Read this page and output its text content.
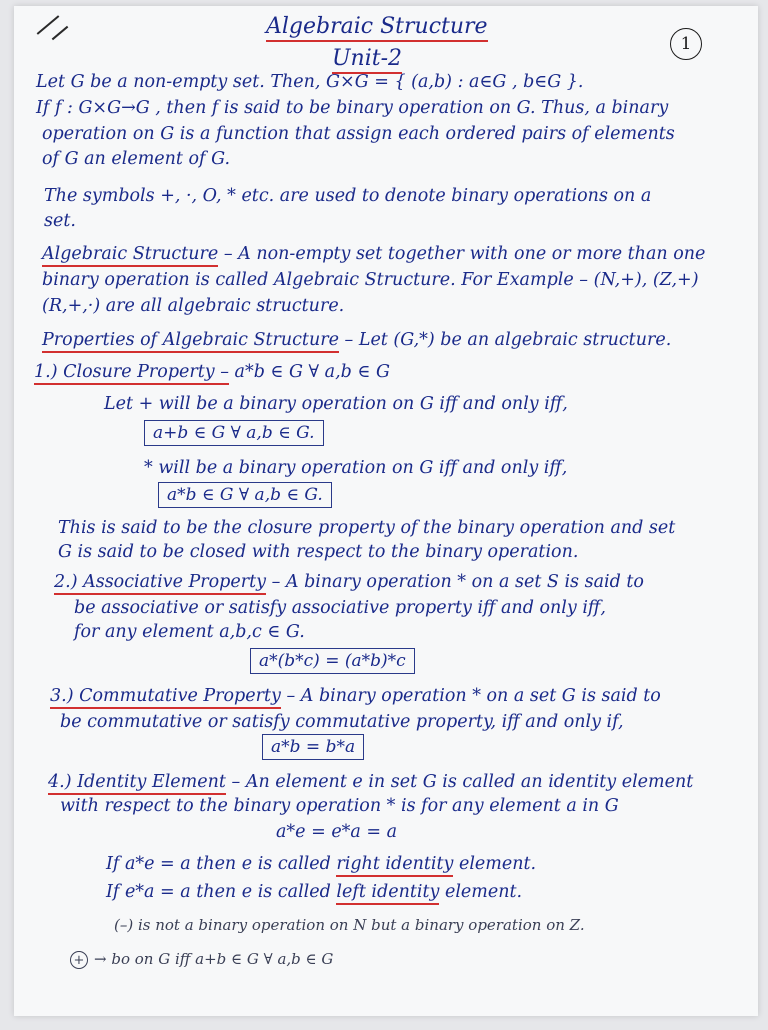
Algebraic Structure
Unit-2
1
Let G be a non-empty set. Then, G×G = { (a,b) : a∈G , b∈G }.
If f : G×G→G , then f is said to be binary operation on G. Thus, a binary
operation on G is a function that assign each ordered pairs of elements
of G an element of G.
The symbols +, ·, O, * etc. are used to denote binary operations on a
set.
Algebraic Structure – A non-empty set together with one or more than one
binary operation is called Algebraic Structure. For Example – (N,+), (Z,+)
(R,+,·) are all algebraic structure.
Properties of Algebraic Structure – Let (G,*) be an algebraic structure.
1.) Closure Property – a*b ∈ G ∀ a,b ∈ G
Let + will be a binary operation on G iff and only iff,
a+b ∈ G ∀ a,b ∈ G.
* will be a binary operation on G iff and only iff,
a*b ∈ G ∀ a,b ∈ G.
This is said to be the closure property of the binary operation and set
G is said to be closed with respect to the binary operation.
2.) Associative Property – A binary operation * on a set S is said to
be associative or satisfy associative property iff and only iff,
for any element a,b,c ∈ G.
a*(b*c) = (a*b)*c
3.) Commutative Property – A binary operation * on a set G is said to
be commutative or satisfy commutative property, iff and only if,
a*b = b*a
4.) Identity Element – An element e in set G is called an identity element
with respect to the binary operation * is for any element a in G
a*e = e*a = a
If a*e = a then e is called right identity element.
If e*a = a then e is called left identity element.
(–) is not a binary operation on N but a binary operation on Z.
+ → bo on G iff a+b ∈ G ∀ a,b ∈ G
